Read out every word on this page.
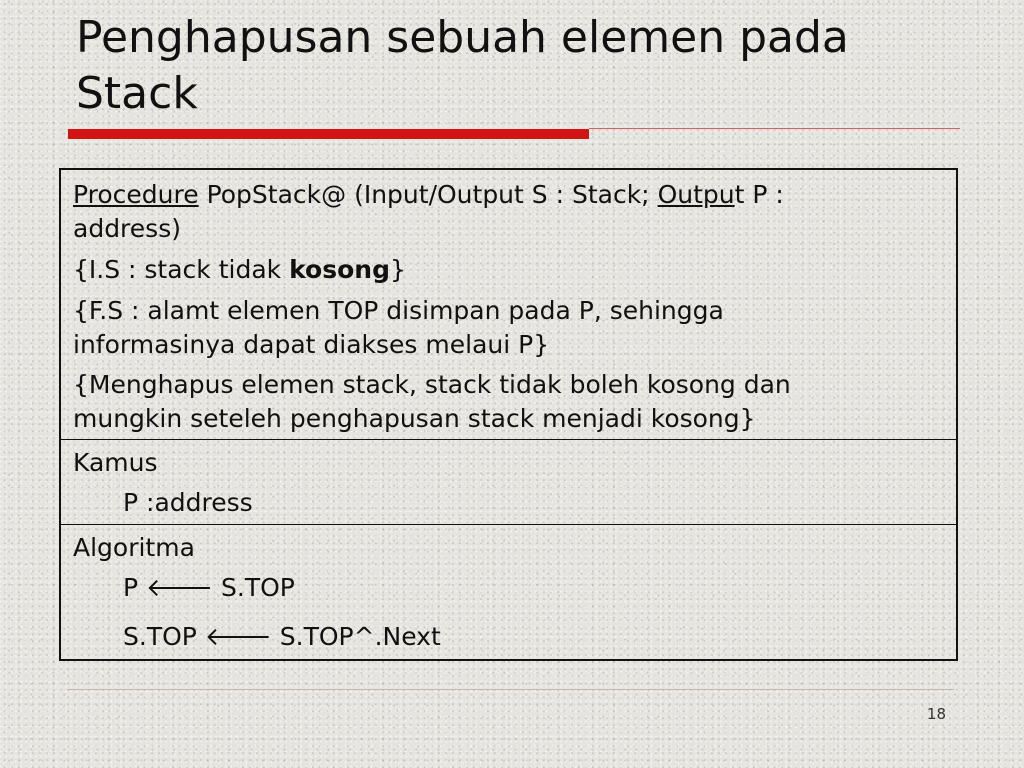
Penghapusan sebuah elemen pada
Stack
Procedure PopStack@ (Input/Output S : Stack; Output P :
address)
{I.S : stack tidak kosong}
{F.S : alamt elemen TOP disimpan pada P, sehingga
informasinya dapat diakses melaui P}
{Menghapus elemen stack, stack tidak boleh kosong dan
mungkin seteleh penghapusan stack menjadi kosong}
Kamus
P :address
Algoritma
P 🡐 S.TOP
S.TOP 🡐 S.TOP^.Next
18
